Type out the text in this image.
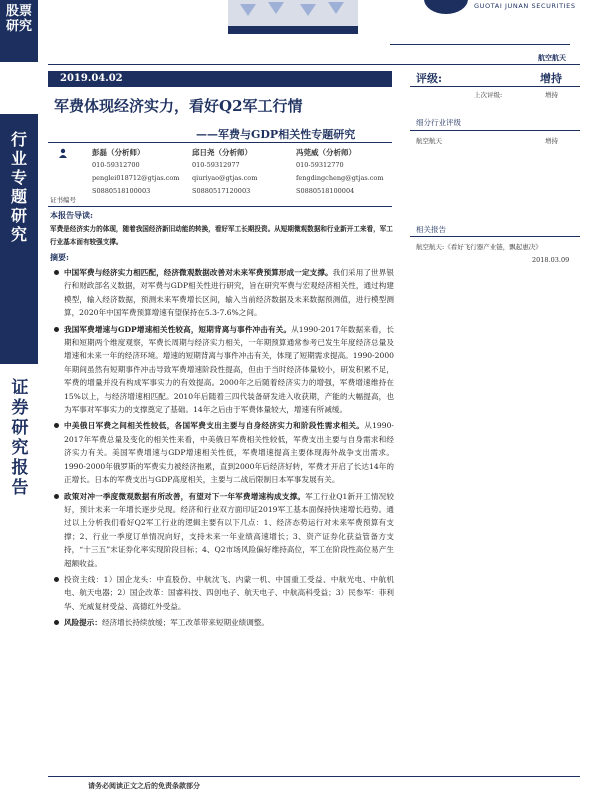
股票研究
行业专题研究
证券研究报告
GUOTAI JUNAN SECURITIES
航空航天
2019.04.02
军费体现经济实力，看好Q2军工行情
——军费与GDP相关性专题研究
彭磊（分析师）
010-59312700
penglei018712@gtjas.com
S0880518100003
邱日尧（分析师）
010-59312977
qiuriyao@gtjas.com
S0880517120003
冯莞威（分析师）
010-59312770
fengdingcheng@gtjas.com
S0880518100004
证书编号
评级:	增持
上次评级:	增持
细分行业评级
航空航天	增持
相关报告
航空航天:《看好飞行器产业链，飘起惠决》
2018.03.09
本报告导读:
军费是经济实力的体现，随着我国经济新旧动能的转换，看好军工长期投资。从短期微观数据和行业新开工来看，军工行业基本面有较强支撑。
摘要:
中国军费与经济实力相匹配，经济微观数据改善对未来军费预算形成一定支撑。我们采用了世界银行和财政部名义数据，对军费与GDP相关性进行研究，旨在研究军费与宏观经济相关性，通过构建模型，输入经济数据，预测未来军费增长区间，输入当前经济数据及未来数据预测值，进行模型测算，2020年中国军费预算增速有望保持在5.3-7.6%之间。
我国军费增速与GDP增速相关性较高，短期背离与事件冲击有关。从1990-2017年数据来看，长期和短期两个维度观察，军费长周期与经济实力相关，一年期预算通常参考已发生年度经济总量及增速和未来一年的经济环境。增速的短期背离与事件冲击有关，体现了短期需求提高。1990-2000年期间虽然有短期事件冲击导致军费增速阶段性提高，但由于当时经济体量较小，研发积累不足，军费的增量并没有构成军事实力的有效提高。2000年之后随着经济实力的增强，军费增速维持在15%以上，与经济增速相匹配。2010年后随着三四代装备研发进入收获期，产能的大幅提高，也为军事对军事实力的支撑奠定了基础。14年之后由于军费体量较大，增速有所减缓。
中美俄日军费之间相关性较低，各国军费支出主要与自身经济实力和阶段性需求相关。从1990-2017年军费总量及变化的相关性来看，中美俄日军费相关性较低，军费支出主要与自身需求和经济实力有关。美国军费增速与GDP增速相关性低，军费增速提高主要体现海外战争支出需求。1990-2000年俄罗斯的军费实力被经济拖累，直到2000年后经济好转，军费才开启了长达14年的正增长。日本的军费支出与GDP高度相关，主要与二战后限制日本军事发展有关。
政策对冲一季度微观数据有所改善，有望对下一年军费增速构成支撑。军工行业Q1新开工情况较好，预计未来一年增长逐步兑现。经济和行业双方面印证2019军工基本面保持快速增长趋势。通过以上分析我们看好Q2军工行业的逻辑主要有以下几点：1、经济态势运行对未来军费预算有支撑；2、行业一季度订单情况向好，支持未来一年业绩高速增长；3、资产证券化获益管备方支持，“十三五”末证券化率实现阶段目标；4、Q2市场风险偏好维持高位，军工在阶段性高位易产生超额收益。
投资主线：1）国企龙头：中直股份、中航沈飞、内蒙一机、中国重工受益、中航光电、中航机电、航天电器；2）国企改革：国睿科技、四创电子、航天电子、中航高科受益；3）民参军：菲利华、光威复材受益、高德红外受益。
风险提示：经济增长持续放缓；军工改革带来短期业绩调整。
请务必阅读正文之后的免责条款部分
